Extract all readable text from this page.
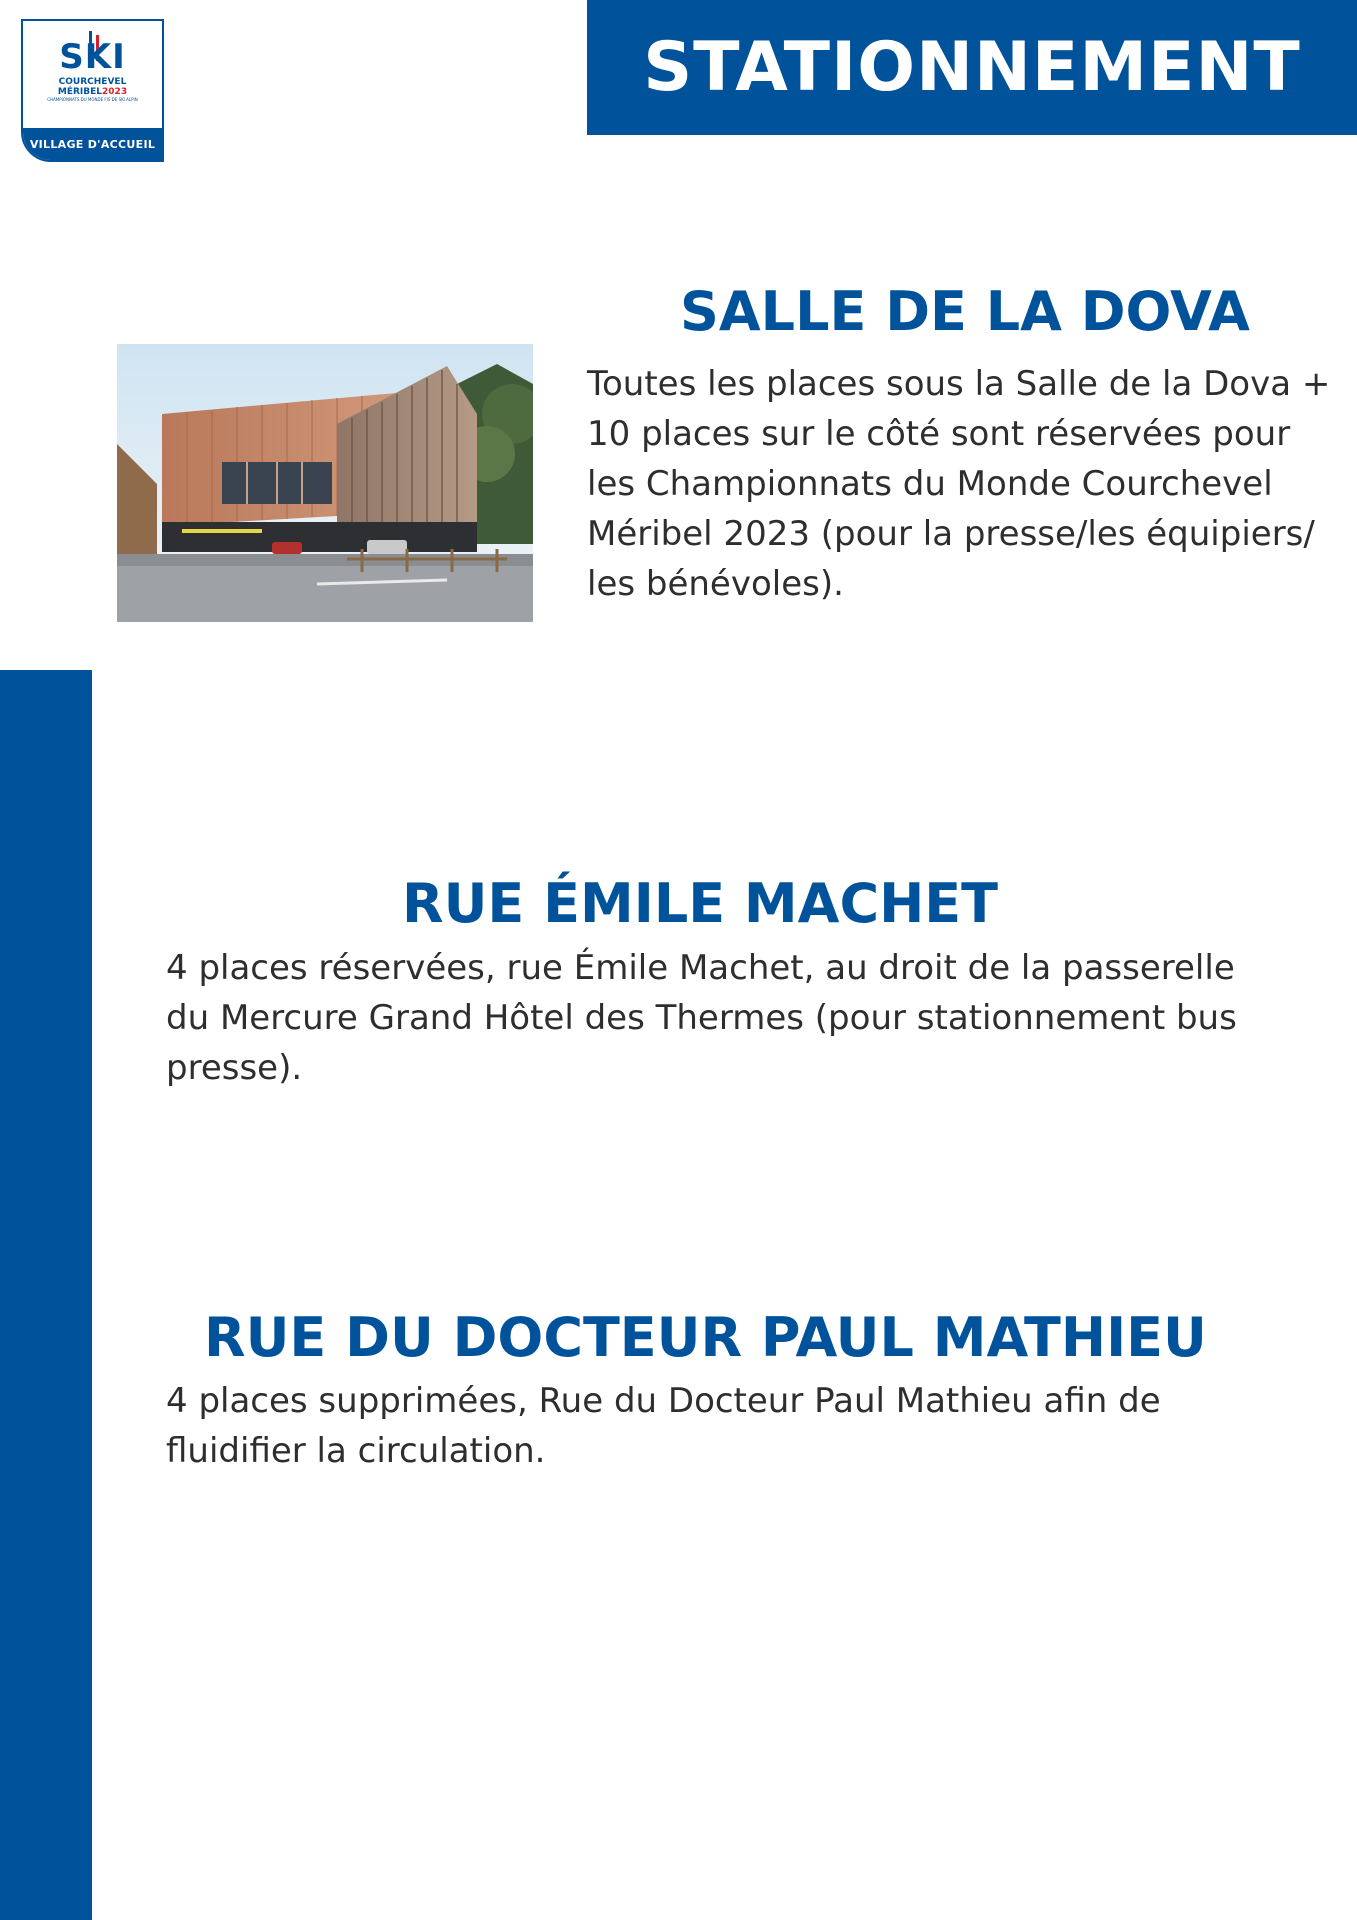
STATIONNEMENT
SKI
COURCHEVEL
MÉRIBEL2023
CHAMPIONNATS DU MONDE FIS DE SKI ALPIN
VILLAGE D'ACCUEIL
SALLE DE LA DOVA
Toutes les places sous la Salle de la Dova + 10 places sur le côté sont réservées pour les Championnats du Monde Courchevel Méribel 2023 (pour la presse/les équipiers/ les bénévoles).
RUE ÉMILE MACHET
4 places réservées, rue Émile Machet, au droit de la passerelle du Mercure Grand Hôtel des Thermes (pour stationnement bus presse).
RUE DU DOCTEUR PAUL MATHIEU
4 places supprimées, Rue du Docteur Paul Mathieu afin de fluidifier la circulation.
